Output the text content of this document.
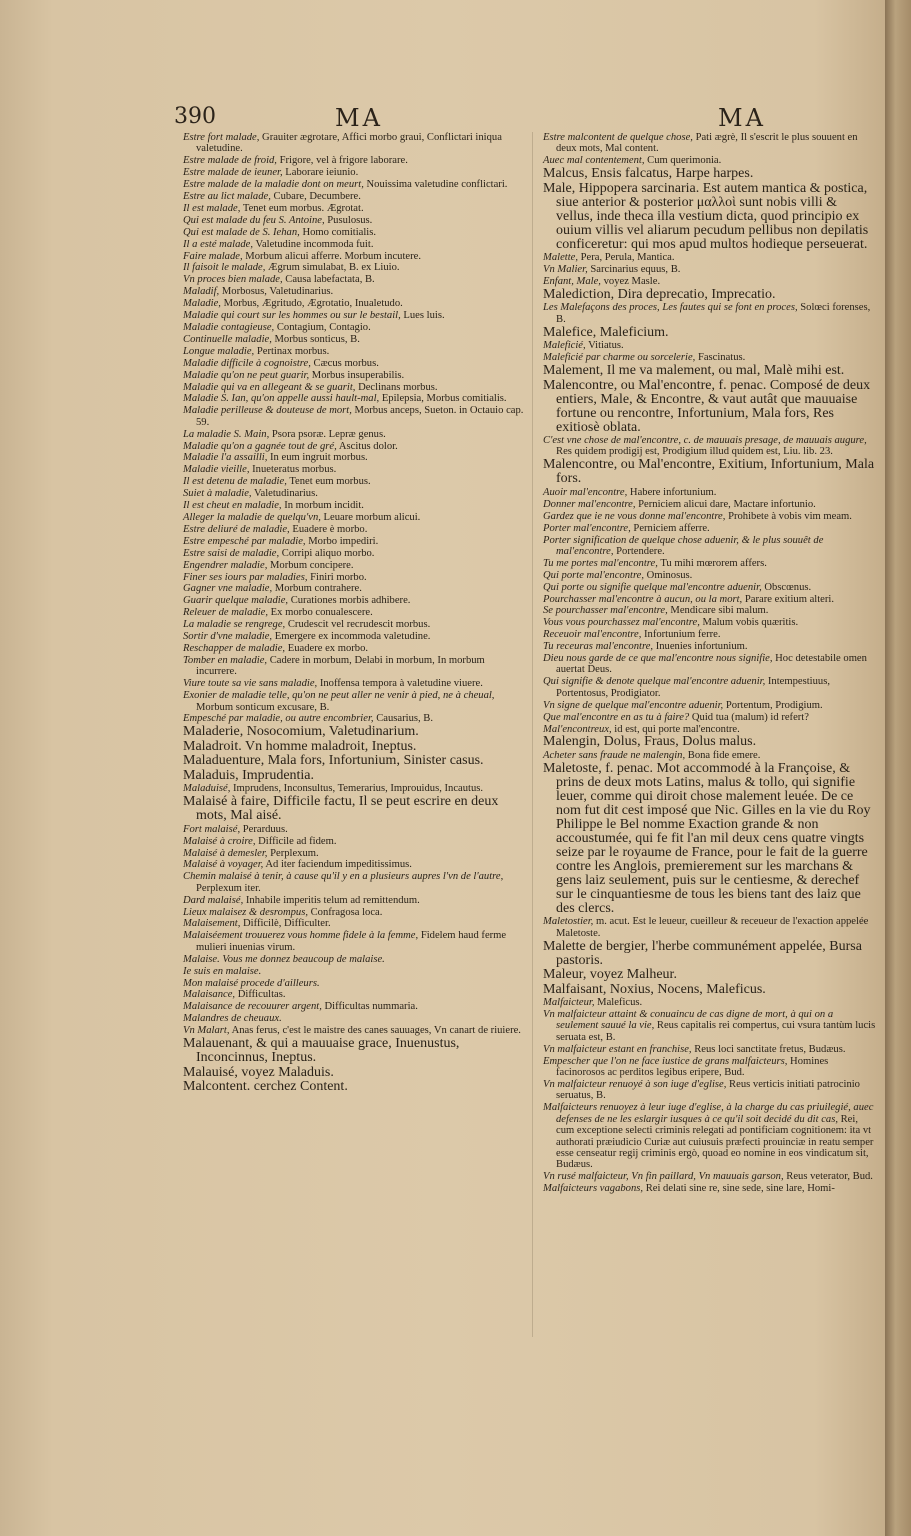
390	MA	MA
Estre fort malade, Grauiter ægrotare, Affici morbo graui, Conflictari iniqua valetudine.
Estre malade de froid, Frigore, vel à frigore laborare.
Estre malade de ieuner, Laborare ieiunio.
Estre malade de la maladie dont on meurt, Nouissima valetudine conflictari.
Estre au lict malade, Cubare, Decumbere.
Il est malade, Tenet eum morbus. Ægrotat.
Qui est malade du feu S. Antoine, Pusulosus.
Qui est malade de S. Iehan, Homo comitialis.
Il a esté malade, Valetudine incommoda fuit.
Faire malade, Morbum alicui afferre. Morbum incutere.
Il faisoit le malade, Ægrum simulabat, B. ex Liuio.
Vn proces bien malade, Causa labefactata, B.
Maladif, Morbosus, Valetudinarius.
Maladie, Morbus, Ægritudo, Ægrotatio, Inualetudo.
Maladie qui court sur les hommes ou sur le bestail, Lues luis.
Maladie contagieuse, Contagium, Contagio.
Continuelle maladie, Morbus sonticus, B.
Longue maladie, Pertinax morbus.
Maladie difficile à cognoistre, Cæcus morbus.
Maladie qu'on ne peut guarir, Morbus insuperabilis.
Maladie qui va en allegeant & se guarit, Declinans morbus.
Maladie S. Ian, qu'on appelle aussi hault-mal, Epilepsia, Morbus comitialis.
Maladie perilleuse & douteuse de mort, Morbus anceps, Sueton. in Octauio cap. 59.
La maladie S. Main, Psora psoræ. Lepræ genus.
Maladie qu'on a gagnée tout de gré, Ascitus dolor.
Maladie l'a assailli, In eum ingruit morbus.
Maladie vieille, Inueteratus morbus.
Il est detenu de maladie, Tenet eum morbus.
Suiet à maladie, Valetudinarius.
Il est cheut en maladie, In morbum incidit.
Alleger la maladie de quelqu'vn, Leuare morbum alicui.
Estre deliuré de maladie, Euadere è morbo.
Estre empesché par maladie, Morbo impediri.
Estre saisi de maladie, Corripi aliquo morbo.
Engendrer maladie, Morbum concipere.
Finer ses iours par maladies, Finiri morbo.
Gagner vne maladie, Morbum contrahere.
Guarir quelque maladie, Curationes morbis adhibere.
Releuer de maladie, Ex morbo conualescere.
La maladie se rengrege, Crudescit vel recrudescit morbus.
Sortir d'vne maladie, Emergere ex incommoda valetudine.
Reschapper de maladie, Euadere ex morbo.
Tomber en maladie, Cadere in morbum, Delabi in morbum, In morbum incurrere.
Viure toute sa vie sans maladie, Inoffensa tempora à valetudine viuere.
Exonier de maladie telle, qu'on ne peut aller ne venir à pied, ne à cheual, Morbum sonticum excusare, B.
Empesché par maladie, ou autre encombrier, Causarius, B.
Maladerie, Nosocomium, Valetudinarium.
Maladroit. Vn homme maladroit, Ineptus.
Maladuenture, Mala fors, Infortunium, Sinister casus.
Maladuis, Imprudentia.
Maladuisé, Imprudens, Inconsultus, Temerarius, Improuidus, Incautus.
Malaisé à faire, Difficile factu, Il se peut escrire en deux mots, Mal aisé.
Fort malaisé, Perarduus.
Malaisé à croire, Difficile ad fidem.
Malaisé à demesler, Perplexum.
Malaisé à voyager, Ad iter faciendum impeditissimus.
Chemin malaisé à tenir, à cause qu'il y en a plusieurs aupres l'vn de l'autre, Perplexum iter.
Dard malaisé, Inhabile imperitis telum ad remittendum.
Lieux malaisez & desrompus, Confragosa loca.
Malaisement, Difficilè, Difficulter.
Malaiséement trouuerez vous homme fidele à la femme, Fidelem haud ferme mulieri inuenias virum.
Malaise. Vous me donnez beaucoup de malaise.
Ie suis en malaise.
Mon malaisé procede d'ailleurs.
Malaisance, Difficultas.
Malaisance de recouurer argent, Difficultas nummaria.
Malandres de cheuaux.
Vn Malart, Anas ferus, c'est le maistre des canes sauuages, Vn canart de riuiere.
Malauenant, & qui a mauuaise grace, Inuenustus, Inconcinnus, Ineptus.
Malauisé, voyez Maladuis.
Malcontent. cerchez Content.
Estre malcontent de quelque chose, Pati ægrè, Il s'escrit le plus souuent en deux mots, Mal content.
Auec mal contentement, Cum querimonia.
Malcus, Ensis falcatus, Harpe harpes.
Male, Hippopera sarcinaria. Est autem mantica & postica, siue anterior & posterior μαλλοὶ sunt nobis villi & vellus, inde theca illa vestium dicta, quod principio ex ouium villis vel aliarum pecudum pellibus non depilatis conficeretur: qui mos apud multos hodieque perseuerat.
Malette, Pera, Perula, Mantica.
Vn Malier, Sarcinarius equus, B.
Enfant, Male, voyez Masle.
Malediction, Dira deprecatio, Imprecatio.
Les Malefaçons des proces, Les fautes qui se font en proces, Solœci forenses, B.
Malefice, Maleficium.
Maleficié, Vitiatus.
Maleficié par charme ou sorcelerie, Fascinatus.
Malement, Il me va malement, ou mal, Malè mihi est.
Malencontre, ou Mal'encontre, f. penac. Composé de deux entiers, Male, & Encontre, & vaut autât que mauuaise fortune ou rencontre, Infortunium, Mala fors, Res exitiosè oblata.
C'est vne chose de mal'encontre, c. de mauuais presage, de mauuais augure, Res quidem prodigij est, Prodigium illud quidem est, Liu. lib. 23.
Malencontre, ou Mal'encontre, Exitium, Infortunium, Mala fors.
Auoir mal'encontre, Habere infortunium.
Donner mal'encontre, Perniciem alicui dare, Mactare infortunio.
Gardez que ie ne vous donne mal'encontre, Prohibete à vobis vim meam.
Porter mal'encontre, Perniciem afferre.
Porter signification de quelque chose aduenir, & le plus souuêt de mal'encontre, Portendere.
Tu me portes mal'encontre, Tu mihi mœrorem affers.
Qui porte mal'encontre, Ominosus.
Qui porte ou signifie quelque mal'encontre aduenir, Obscœnus.
Pourchasser mal'encontre à aucun, ou la mort, Parare exitium alteri.
Se pourchasser mal'encontre, Mendicare sibi malum.
Vous vous pourchassez mal'encontre, Malum vobis quæritis.
Receuoir mal'encontre, Infortunium ferre.
Tu receuras mal'encontre, Inuenies infortunium.
Dieu nous garde de ce que mal'encontre nous signifie, Hoc detestabile omen auertat Deus.
Qui signifie & denote quelque mal'encontre aduenir, Intempestiuus, Portentosus, Prodigiator.
Vn signe de quelque mal'encontre aduenir, Portentum, Prodigium.
Que mal'encontre en as tu à faire? Quid tua (malum) id refert?
Mal'encontreux, id est, qui porte mal'encontre.
Malengin, Dolus, Fraus, Dolus malus.
Acheter sans fraude ne malengin, Bona fide emere.
Maletoste, f. penac. Mot accommodé à la Françoise, & prins de deux mots Latins, malus & tollo, qui signifie leuer, comme qui diroit chose malement leuée. De ce nom fut dit cest imposé que Nic. Gilles en la vie du Roy Philippe le Bel nomme Exaction grande & non accoustumée, qui fe fit l'an mil deux cens quatre vingts seize par le royaume de France, pour le fait de la guerre contre les Anglois, premierement sur les marchans & gens laiz seulement, puis sur le centiesme, & derechef sur le cinquantiesme de tous les biens tant des laiz que des clercs.
Maletostier, m. acut. Est le leueur, cueilleur & receueur de l'exaction appelée Maletoste.
Malette de bergier, l'herbe communément appelée, Bursa pastoris.
Maleur, voyez Malheur.
Malfaisant, Noxius, Nocens, Maleficus.
Malfaicteur, Maleficus.
Vn malfaicteur attaint & conuaincu de cas digne de mort, à qui on a seulement sauué la vie, Reus capitalis rei compertus, cui vsura tantùm lucis seruata est, B.
Vn malfaicteur estant en franchise, Reus loci sanctitate fretus, Budæus.
Empescher que l'on ne face iustice de grans malfaicteurs, Homines facinorosos ac perditos legibus eripere, Bud.
Vn malfaicteur renuoyé à son iuge d'eglise, Reus verticis initiati patrocinio seruatus, B.
Malfaicteurs renuoyez à leur iuge d'eglise, à la charge du cas priuilegié, auec defenses de ne les eslargir iusques à ce qu'il soit decidé du dit cas, Rei, cum exceptione selecti criminis relegati ad pontificiam cognitionem: ita vt authorati præiudicio Curiæ aut cuiusuis præfecti prouinciæ in reatu semper esse censeatur regij criminis ergò, quoad eo nomine in eos vindicatum sit, Budæus.
Vn rusé malfaicteur, Vn fin paillard, Vn mauuais garson, Reus veterator, Bud.
Malfaicteurs vagabons, Rei delati sine re, sine sede, sine lare, Homi-
